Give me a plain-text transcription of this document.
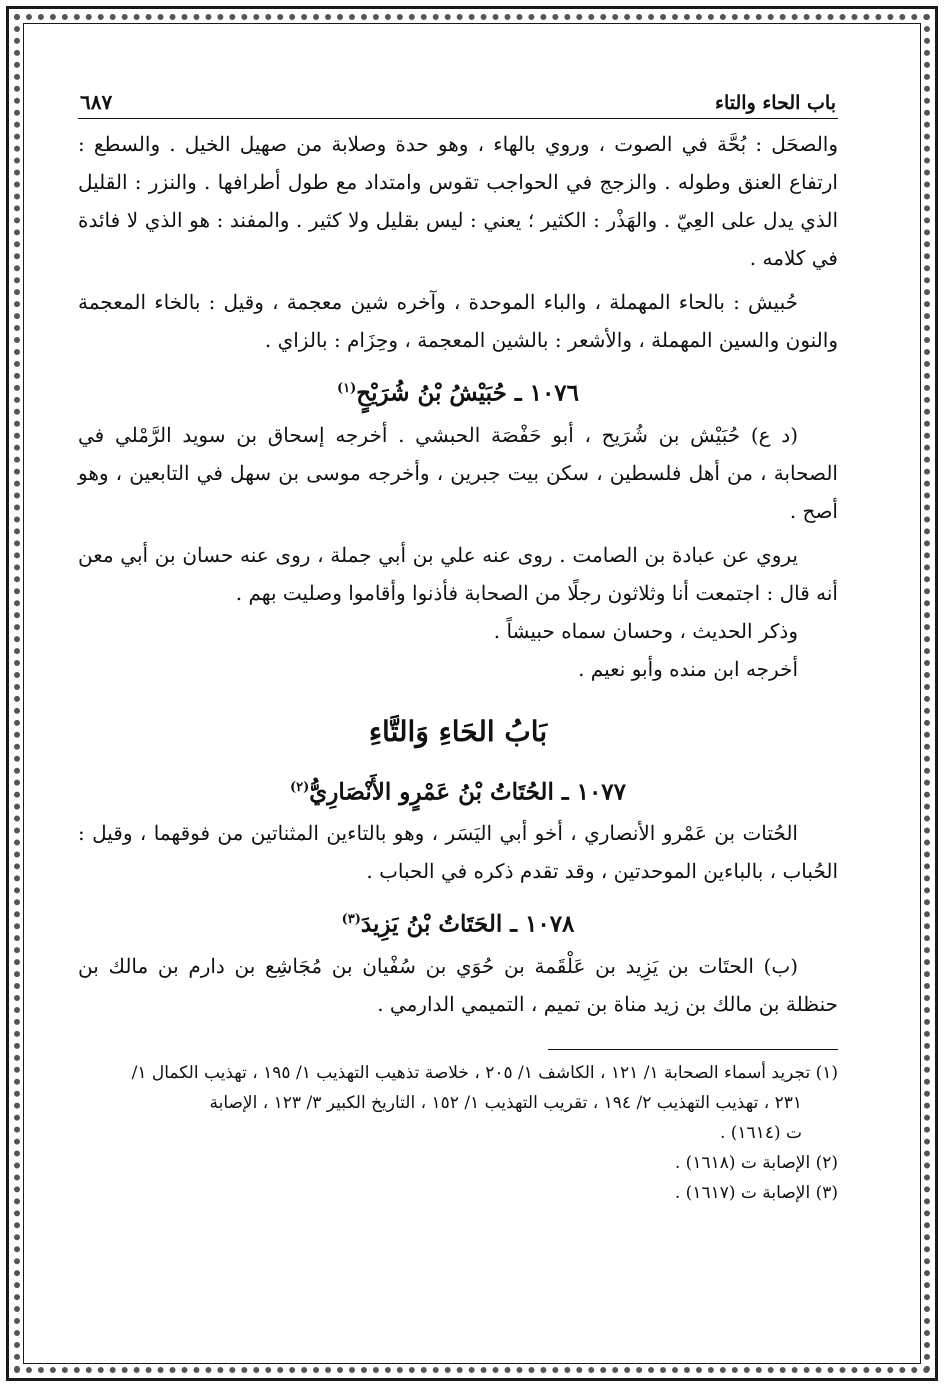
باب الحاء والتاء
٦٨٧

والصحَل : بُحَّة في الصوت ، وروي بالهاء ، وهو حدة وصلابة من صهيل الخيل . والسطع : ارتفاع العنق وطوله . والزجج في الحواجب تقوس وامتداد مع طول أطرافها . والنزر : القليل الذي يدل على العِيّ . والهَذْر : الكثير ؛ يعني : ليس بقليل ولا كثير . والمفند : هو الذي لا فائدة في كلامه .

حُبيش : بالحاء المهملة ، والباء الموحدة ، وآخره شين معجمة ، وقيل : بالخاء المعجمة والنون والسين المهملة ، والأشعر : بالشين المعجمة ، وحِزَام : بالزاي .

١٠٧٦ ـ حُبَيْشُ بْنُ شُرَيْحٍ$^{(١)}$

(د ع) حُبَيْش بن شُرَيح ، أبو حَفْصَة الحبشي . أخرجه إسحاق بن سويد الرَّمْلي في الصحابة ، من أهل فلسطين ، سكن بيت جبرين ، وأخرجه موسى بن سهل في التابعين ، وهو أصح .

يروي عن عبادة بن الصامت . روى عنه علي بن أبي جملة ، روى عنه حسان بن أبي معن أنه قال : اجتمعت أنا وثلاثون رجلًا من الصحابة فأذنوا وأقاموا وصليت بهم .

وذكر الحديث ، وحسان سماه حبيشاً .

أخرجه ابن منده وأبو نعيم .

بَابُ الحَاءِ وَالتَّاءِ
١٠٧٧ ـ الحُتَاتُ بْنُ عَمْرٍو الأَنْصَارِيُّ$^{(٢)}$

الحُتات بن عَمْرو الأنصاري ، أخو أبي اليَسَر ، وهو بالتاءين المثناتين من فوقهما ، وقيل : الحُباب ، بالباءين الموحدتين ، وقد تقدم ذكره في الحباب .

١٠٧٨ ـ الحَتَاتُ بْنُ يَزِيدَ$^{(٣)}$

(ب) الحتَات بن يَزِيد بن عَلْقَمة بن حُوَي بن سُفْيان بن مُجَاشِع بن دارم بن مالك بن حنظلة بن مالك بن زيد مناة بن تميم ، التميمي الدارمي .

(١) تجريد أسماء الصحابة ١/ ١٢١ ، الكاشف ١/ ٢٠٥ ، خلاصة تذهيب التهذيب ١/ ١٩٥ ، تهذيب الكمال ١/

٢٣١ ، تهذيب التهذيب ٢/ ١٩٤ ، تقريب التهذيب ١/ ١٥٢ ، التاريخ الكبير ٣/ ١٢٣ ، الإصابة

ت (١٦١٤) .

(٢) الإصابة ت (١٦١٨) .

(٣) الإصابة ت (١٦١٧) .
